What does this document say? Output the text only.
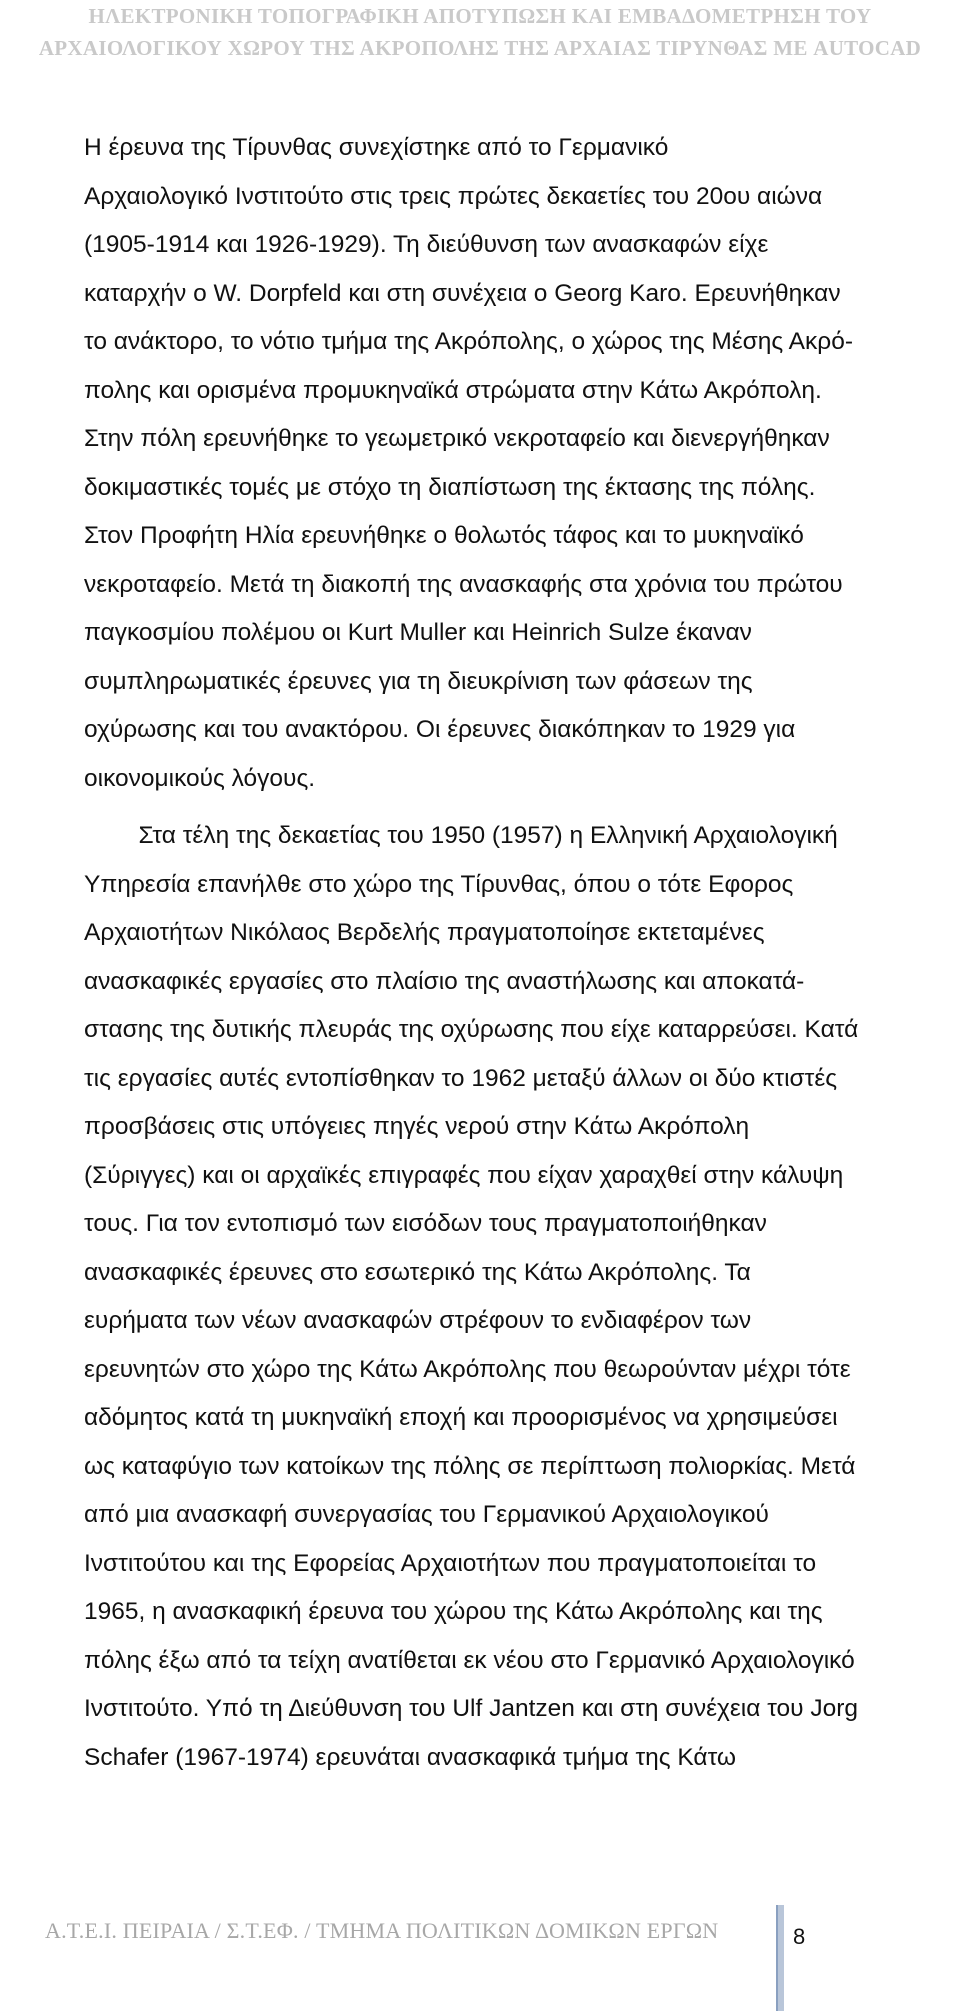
ΗΛΕΚΤΡΟΝΙΚΗ ΤΟΠΟΓΡΑΦΙΚΗ ΑΠΟΤΥΠΩΣΗ ΚΑΙ ΕΜΒΑΔΟΜΕΤΡΗΣΗ ΤΟΥ
ΑΡΧΑΙΟΛΟΓΙΚΟΥ ΧΩΡΟΥ ΤΗΣ ΑΚΡΟΠΟΛΗΣ ΤΗΣ ΑΡΧΑΙΑΣ ΤΙΡΥΝΘΑΣ ΜΕ AUTOCAD
Η έρευνα της Τίρυνθας συνεχίστηκε από το Γερμανικό
Αρχαιολογικό Ινστιτούτο στις τρεις πρώτες δεκαετίες του 20ου αιώνα
(1905-1914 και 1926-1929). Τη διεύθυνση των ανασκαφών είχε
καταρχήν ο W. Dorpfeld και στη συνέχεια ο Georg Karo. Ερευνήθηκαν
το ανάκτορο, το νότιο τμήμα της Ακρόπολης, ο χώρος της Μέσης Ακρό-
πολης και ορισμένα προμυκηναϊκά στρώματα στην Κάτω Ακρόπολη.
Στην πόλη ερευνήθηκε το γεωμετρικό νεκροταφείο και διενεργήθηκαν
δοκιμαστικές τομές με στόχο τη διαπίστωση της έκτασης της πόλης.
Στον Προφήτη Ηλία ερευνήθηκε ο θολωτός τάφος και το μυκηναϊκό
νεκροταφείο. Μετά τη διακοπή της ανασκαφής στα χρόνια του πρώτου
παγκοσμίου πολέμου οι Kurt Muller και Heinrich Sulze έκαναν
συμπληρωματικές έρευνες για τη διευκρίνιση των φάσεων της
οχύρωσης και του ανακτόρου. Οι έρευνες διακόπηκαν το 1929 για
οικονομικούς λόγους.
Στα τέλη της δεκαετίας του 1950 (1957) η Ελληνική Αρχαιολογική
Υπηρεσία επανήλθε στο χώρο της Τίρυνθας, όπου ο τότε Εφορος
Αρχαιοτήτων Νικόλαος Βερδελής πραγματοποίησε εκτεταμένες
ανασκαφικές εργασίες στο πλαίσιο της αναστήλωσης και αποκατά-
στασης της δυτικής πλευράς της οχύρωσης που είχε καταρρεύσει. Κατά
τις εργασίες αυτές εντοπίσθηκαν το 1962 μεταξύ άλλων οι δύο κτιστές
προσβάσεις στις υπόγειες πηγές νερού στην Κάτω Ακρόπολη
(Σύριγγες) και οι αρχαϊκές επιγραφές που είχαν χαραχθεί στην κάλυψη
τους. Για τον εντοπισμό των εισόδων τους πραγματοποιήθηκαν
ανασκαφικές έρευνες στο εσωτερικό της Κάτω Ακρόπολης. Τα
ευρήματα των νέων ανασκαφών στρέφουν το ενδιαφέρον των
ερευνητών στο χώρο της Κάτω Ακρόπολης που θεωρούνταν μέχρι τότε
αδόμητος κατά τη μυκηναϊκή εποχή και προορισμένος να χρησιμεύσει
ως καταφύγιο των κατοίκων της πόλης σε περίπτωση πολιορκίας. Μετά
από μια ανασκαφή συνεργασίας του Γερμανικού Αρχαιολογικού
Ινστιτούτου και της Εφορείας Αρχαιοτήτων που πραγματοποιείται το
1965, η ανασκαφική έρευνα του χώρου της Κάτω Ακρόπολης και της
πόλης έξω από τα τείχη ανατίθεται εκ νέου στο Γερμανικό Αρχαιολογικό
Ινστιτούτο. Υπό τη Διεύθυνση του Ulf Jantzen και στη συνέχεια του Jorg
Schafer (1967-1974) ερευνάται ανασκαφικά τμήμα της Κάτω
Α.Τ.Ε.Ι. ΠΕΙΡΑΙΑ / Σ.Τ.ΕΦ. / ΤΜΗΜΑ ΠΟΛΙΤΙΚΩΝ ΔΟΜΙΚΩΝ ΕΡΓΩΝ	8
